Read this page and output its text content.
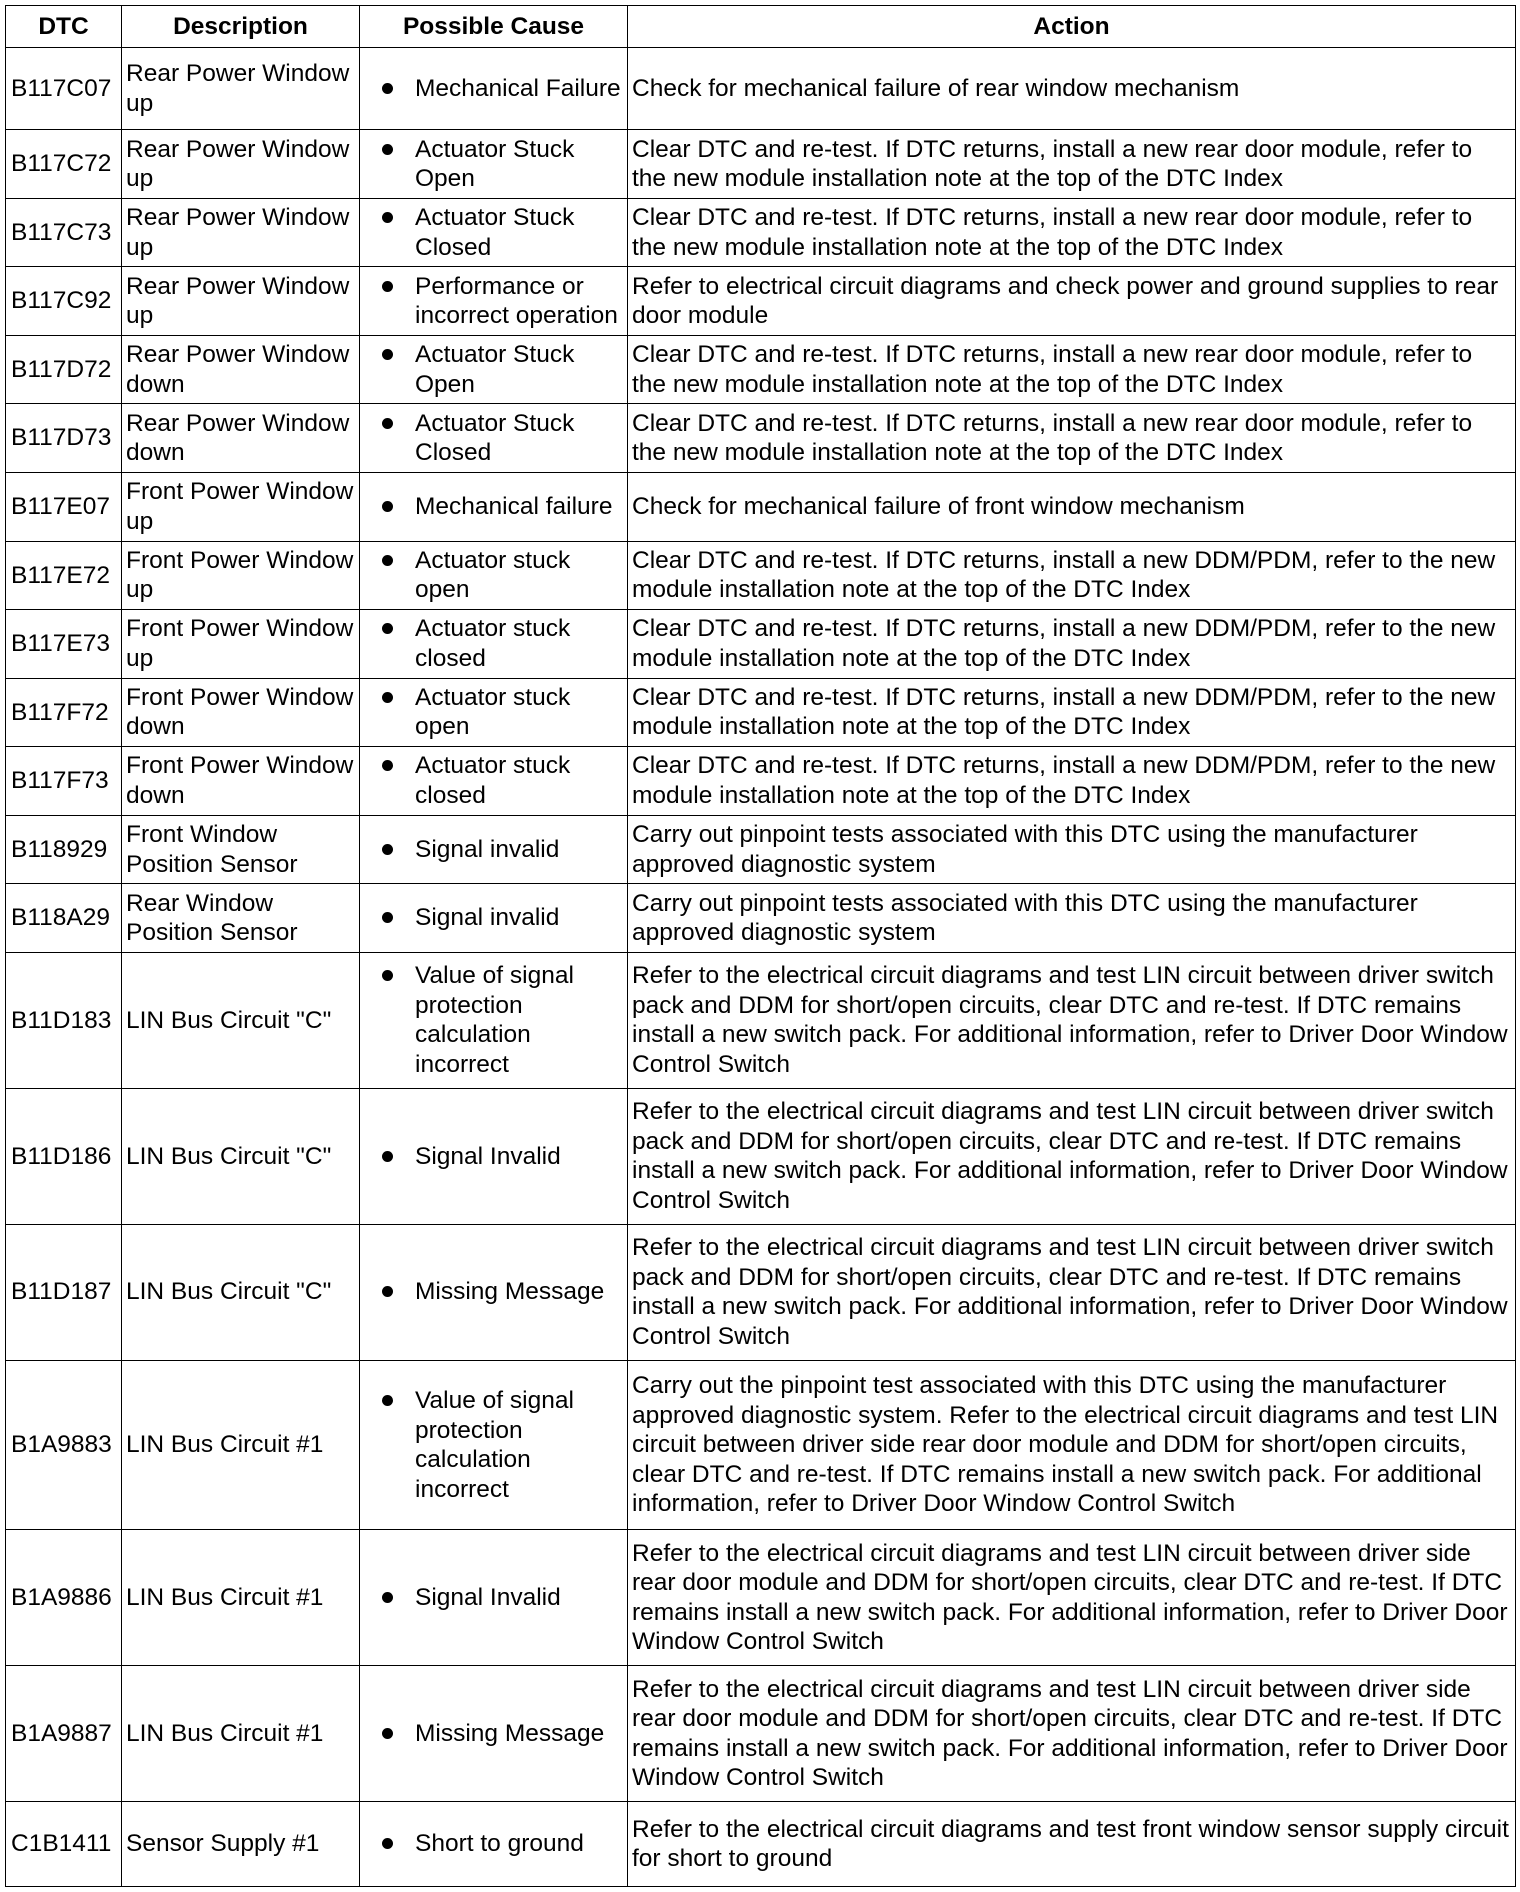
DTC	Description	Possible Cause	Action
B117C07	Rear Power Window up	Mechanical Failure	Check for mechanical failure of rear window mechanism
B117C72	Rear Power Window up	Actuator Stuck Open	Clear DTC and re-test. If DTC returns, install a new rear door module, refer to the new module installation note at the top of the DTC Index
B117C73	Rear Power Window up	Actuator Stuck Closed	Clear DTC and re-test. If DTC returns, install a new rear door module, refer to the new module installation note at the top of the DTC Index
B117C92	Rear Power Window up	Performance or incorrect operation	Refer to electrical circuit diagrams and check power and ground supplies to rear door module
B117D72	Rear Power Window down	Actuator Stuck Open	Clear DTC and re-test. If DTC returns, install a new rear door module, refer to the new module installation note at the top of the DTC Index
B117D73	Rear Power Window down	Actuator Stuck Closed	Clear DTC and re-test. If DTC returns, install a new rear door module, refer to the new module installation note at the top of the DTC Index
B117E07	Front Power Window up	Mechanical failure	Check for mechanical failure of front window mechanism
B117E72	Front Power Window up	Actuator stuck open	Clear DTC and re-test. If DTC returns, install a new DDM/PDM, refer to the new module installation note at the top of the DTC Index
B117E73	Front Power Window up	Actuator stuck closed	Clear DTC and re-test. If DTC returns, install a new DDM/PDM, refer to the new module installation note at the top of the DTC Index
B117F72	Front Power Window down	Actuator stuck open	Clear DTC and re-test. If DTC returns, install a new DDM/PDM, refer to the new module installation note at the top of the DTC Index
B117F73	Front Power Window down	Actuator stuck closed	Clear DTC and re-test. If DTC returns, install a new DDM/PDM, refer to the new module installation note at the top of the DTC Index
B118929	Front Window Position Sensor	Signal invalid	Carry out pinpoint tests associated with this DTC using the manufacturer approved diagnostic system
B118A29	Rear Window Position Sensor	Signal invalid	Carry out pinpoint tests associated with this DTC using the manufacturer approved diagnostic system
B11D183	LIN Bus Circuit "C"	Value of signal protection calculation incorrect	Refer to the electrical circuit diagrams and test LIN circuit between driver switch pack and DDM for short/open circuits, clear DTC and re-test. If DTC remains install a new switch pack. For additional information, refer to Driver Door Window Control Switch
B11D186	LIN Bus Circuit "C"	Signal Invalid	Refer to the electrical circuit diagrams and test LIN circuit between driver switch pack and DDM for short/open circuits, clear DTC and re-test. If DTC remains install a new switch pack. For additional information, refer to Driver Door Window Control Switch
B11D187	LIN Bus Circuit "C"	Missing Message	Refer to the electrical circuit diagrams and test LIN circuit between driver switch pack and DDM for short/open circuits, clear DTC and re-test. If DTC remains install a new switch pack. For additional information, refer to Driver Door Window Control Switch
B1A9883	LIN Bus Circuit #1	Value of signal protection calculation incorrect	Carry out the pinpoint test associated with this DTC using the manufacturer approved diagnostic system. Refer to the electrical circuit diagrams and test LIN circuit between driver side rear door module and DDM for short/open circuits, clear DTC and re-test. If DTC remains install a new switch pack. For additional information, refer to Driver Door Window Control Switch
B1A9886	LIN Bus Circuit #1	Signal Invalid	Refer to the electrical circuit diagrams and test LIN circuit between driver side rear door module and DDM for short/open circuits, clear DTC and re-test. If DTC remains install a new switch pack. For additional information, refer to Driver Door Window Control Switch
B1A9887	LIN Bus Circuit #1	Missing Message	Refer to the electrical circuit diagrams and test LIN circuit between driver side rear door module and DDM for short/open circuits, clear DTC and re-test. If DTC remains install a new switch pack. For additional information, refer to Driver Door Window Control Switch
C1B1411	Sensor Supply #1	Short to ground	Refer to the electrical circuit diagrams and test front window sensor supply circuit for short to ground
